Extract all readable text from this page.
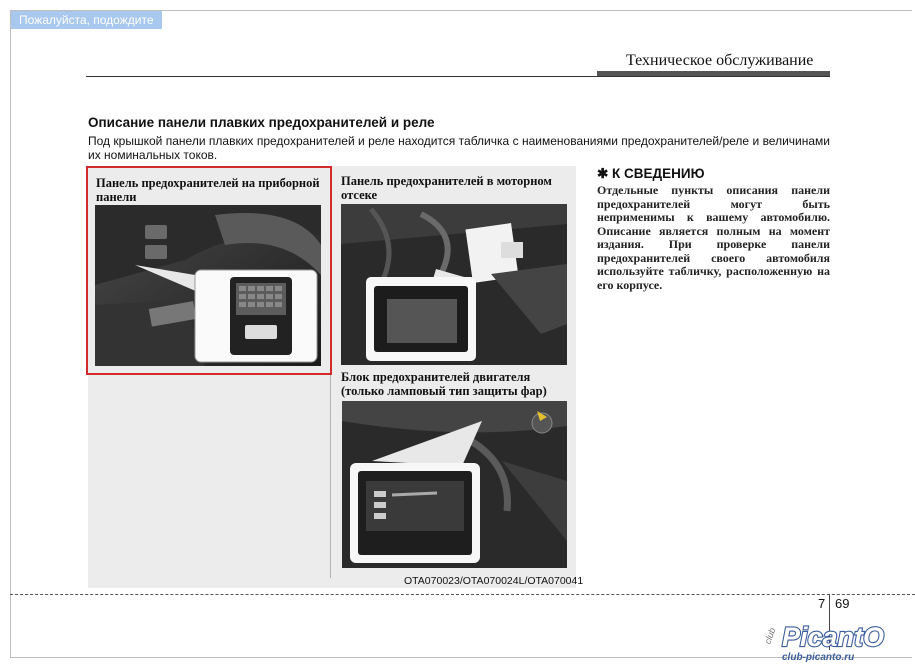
Пожалуйста, подождите
Техническое обслуживание
Описание панели плавких предохранителей и реле
Под крышкой панели плавких предохранителей и реле находится табличка с наименованиями предохранителей/реле и величинами их номинальных токов.
Панель предохранителей на приборной панели
Панель предохранителей в моторном отсеке
Блок предохранителей двигателя (только ламповый тип защиты фар)
OTA070023/OTA070024L/OTA070041
✱ К СВЕДЕНИЮ
Отдельные пункты описания панели предохранителей могут быть неприменимы к вашему автомобилю. Описание является полным на момент издания. При проверке панели предохранителей своего автомобиля используйте табличку, расположенную на его корпусе.
7 69
club PicantO
club-picanto.ru
